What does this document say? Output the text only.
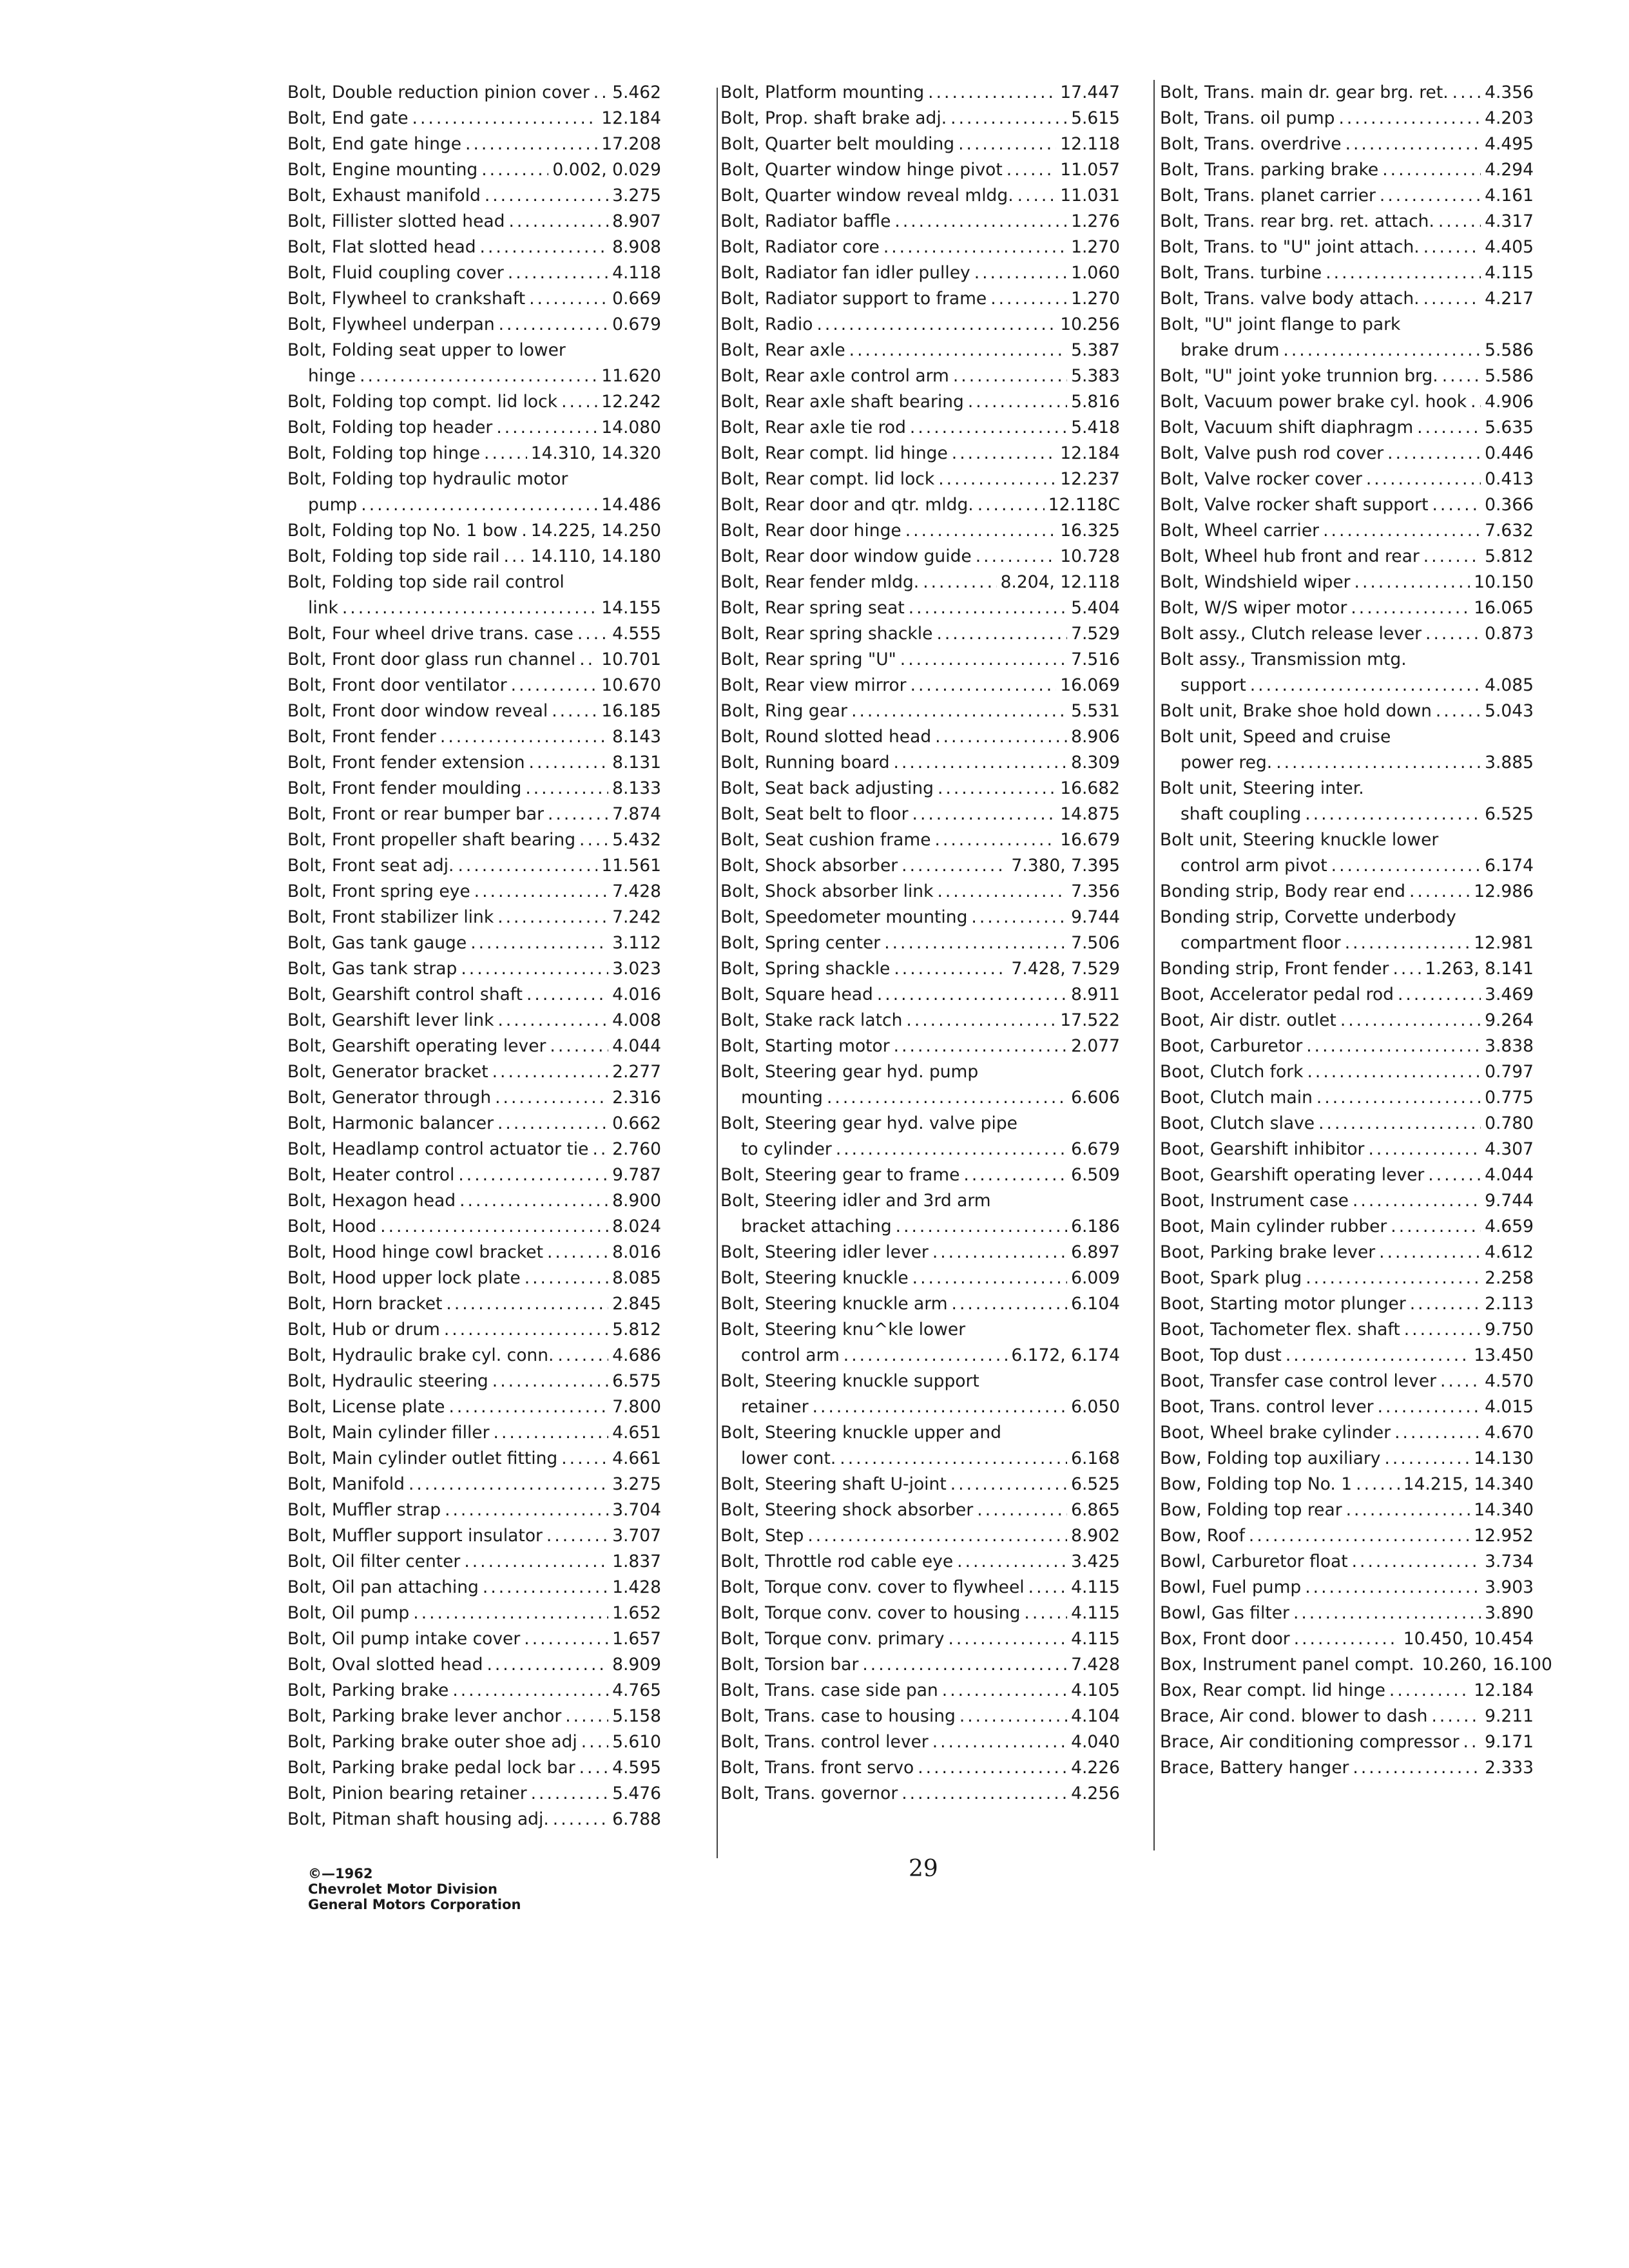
Bolt, Double reduction pinion cover ..... 5.462
Bolt, End gate .....	12.184
Bolt, End gate hinge .....	17.208
Bolt, Engine mounting .....	0.002, 0.029
Bolt, Exhaust manifold .....	3.275
Bolt, Fillister slotted head .....	8.907
Bolt, Flat slotted head .....	8.908
Bolt, Fluid coupling cover .....	4.118
Bolt, Flywheel to crankshaft .....	0.669
Bolt, Flywheel underpan .....	0.679
Bolt, Folding seat upper to lower
hinge .....	11.620
Bolt, Folding top compt. lid lock .....	12.242
Bolt, Folding top header .....	14.080
Bolt, Folding top hinge .....	14.310, 14.320
Bolt, Folding top hydraulic motor
pump .....	14.486
Bolt, Folding top No. 1 bow ..... 14.225, 14.250
Bolt, Folding top side rail ..... 14.110, 14.180
Bolt, Folding top side rail control
link .....	14.155
Bolt, Four wheel drive trans. case ..... 4.555
Bolt, Front door glass run channel ..... 10.701
Bolt, Front door ventilator .....	10.670
Bolt, Front door window reveal .....	16.185
Bolt, Front fender .....	8.143
Bolt, Front fender extension .....	8.131
Bolt, Front fender moulding .....	8.133
Bolt, Front or rear bumper bar .....	7.874
Bolt, Front propeller shaft bearing ..... 5.432
Bolt, Front seat adj. .....	11.561
Bolt, Front spring eye .....	7.428
Bolt, Front stabilizer link .....	7.242
Bolt, Gas tank gauge .....	3.112
Bolt, Gas tank strap .....	3.023
Bolt, Gearshift control shaft .....	4.016
Bolt, Gearshift lever link .....	4.008
Bolt, Gearshift operating lever .....	4.044
Bolt, Generator bracket .....	2.277
Bolt, Generator through .....	2.316
Bolt, Harmonic balancer .....	0.662
Bolt, Headlamp control actuator tie ..... 2.760
Bolt, Heater control .....	9.787
Bolt, Hexagon head .....	8.900
Bolt, Hood .....	8.024
Bolt, Hood hinge cowl bracket .....	8.016
Bolt, Hood upper lock plate .....	8.085
Bolt, Horn bracket .....	2.845
Bolt, Hub or drum .....	5.812
Bolt, Hydraulic brake cyl. conn. .....	4.686
Bolt, Hydraulic steering .....	6.575
Bolt, License plate .....	7.800
Bolt, Main cylinder filler .....	4.651
Bolt, Main cylinder outlet fitting .....	4.661
Bolt, Manifold .....	3.275
Bolt, Muffler strap .....	3.704
Bolt, Muffler support insulator .....	3.707
Bolt, Oil filter center .....	1.837
Bolt, Oil pan attaching .....	1.428
Bolt, Oil pump .....	1.652
Bolt, Oil pump intake cover .....	1.657
Bolt, Oval slotted head .....	8.909
Bolt, Parking brake .....	4.765
Bolt, Parking brake lever anchor .....	5.158
Bolt, Parking brake outer shoe adj ..... 5.610
Bolt, Parking brake pedal lock bar ..... 4.595
Bolt, Pinion bearing retainer .....	5.476
Bolt, Pitman shaft housing adj. .....	6.788
Bolt, Platform mounting .....	17.447
Bolt, Prop. shaft brake adj. .....	5.615
Bolt, Quarter belt moulding .....	12.118
Bolt, Quarter window hinge pivot .....	11.057
Bolt, Quarter window reveal mldg. .....	11.031
Bolt, Radiator baffle .....	1.276
Bolt, Radiator core .....	1.270
Bolt, Radiator fan idler pulley .....	1.060
Bolt, Radiator support to frame .....	1.270
Bolt, Radio .....	10.256
Bolt, Rear axle .....	5.387
Bolt, Rear axle control arm .....	5.383
Bolt, Rear axle shaft bearing .....	5.816
Bolt, Rear axle tie rod .....	5.418
Bolt, Rear compt. lid hinge .....	12.184
Bolt, Rear compt. lid lock .....	12.237
Bolt, Rear door and qtr. mldg. .....	12.118C
Bolt, Rear door hinge .....	16.325
Bolt, Rear door window guide .....	10.728
Bolt, Rear fender mldg. .....	8.204, 12.118
Bolt, Rear spring seat .....	5.404
Bolt, Rear spring shackle .....	7.529
Bolt, Rear spring "U" .....	7.516
Bolt, Rear view mirror .....	16.069
Bolt, Ring gear .....	5.531
Bolt, Round slotted head .....	8.906
Bolt, Running board .....	8.309
Bolt, Seat back adjusting .....	16.682
Bolt, Seat belt to floor .....	14.875
Bolt, Seat cushion frame .....	16.679
Bolt, Shock absorber .....	7.380, 7.395
Bolt, Shock absorber link .....	7.356
Bolt, Speedometer mounting .....	9.744
Bolt, Spring center .....	7.506
Bolt, Spring shackle .....	7.428, 7.529
Bolt, Square head .....	8.911
Bolt, Stake rack latch .....	17.522
Bolt, Starting motor .....	2.077
Bolt, Steering gear hyd. pump
mounting .....	6.606
Bolt, Steering gear hyd. valve pipe
to cylinder .....	6.679
Bolt, Steering gear to frame .....	6.509
Bolt, Steering idler and 3rd arm
bracket attaching .....	6.186
Bolt, Steering idler lever .....	6.897
Bolt, Steering knuckle .....	6.009
Bolt, Steering knuckle arm .....	6.104
Bolt, Steering knu^kle lower
control arm .....	6.172, 6.174
Bolt, Steering knuckle support
retainer .....	6.050
Bolt, Steering knuckle upper and
lower cont. .....	6.168
Bolt, Steering shaft U-joint .....	6.525
Bolt, Steering shock absorber .....	6.865
Bolt, Step .....	8.902
Bolt, Throttle rod cable eye .....	3.425
Bolt, Torque conv. cover to flywheel .....	4.115
Bolt, Torque conv. cover to housing .....	4.115
Bolt, Torque conv. primary .....	4.115
Bolt, Torsion bar .....	7.428
Bolt, Trans. case side pan .....	4.105
Bolt, Trans. case to housing .....	4.104
Bolt, Trans. control lever .....	4.040
Bolt, Trans. front servo .....	4.226
Bolt, Trans. governor .....	4.256
Bolt, Trans. main dr. gear brg. ret. ..... 4.356
Bolt, Trans. oil pump .....	4.203
Bolt, Trans. overdrive .....	4.495
Bolt, Trans. parking brake .....	4.294
Bolt, Trans. planet carrier .....	4.161
Bolt, Trans. rear brg. ret. attach. .....	4.317
Bolt, Trans. to "U" joint attach. .....	4.405
Bolt, Trans. turbine .....	4.115
Bolt, Trans. valve body attach. .....	4.217
Bolt, "U" joint flange to park
brake drum .....	5.586
Bolt, "U" joint yoke trunnion brg. .....	5.586
Bolt, Vacuum power brake cyl. hook ..... 4.906
Bolt, Vacuum shift diaphragm .....	5.635
Bolt, Valve push rod cover .....	0.446
Bolt, Valve rocker cover .....	0.413
Bolt, Valve rocker shaft support .....	0.366
Bolt, Wheel carrier .....	7.632
Bolt, Wheel hub front and rear .....	5.812
Bolt, Windshield wiper .....	10.150
Bolt, W/S wiper motor .....	16.065
Bolt assy., Clutch release lever .....	0.873
Bolt assy., Transmission mtg.
support .....	4.085
Bolt unit, Brake shoe hold down .....	5.043
Bolt unit, Speed and cruise
power reg. .....	3.885
Bolt unit, Steering inter.
shaft coupling .....	6.525
Bolt unit, Steering knuckle lower
control arm pivot .....	6.174
Bonding strip, Body rear end .....	12.986
Bonding strip, Corvette underbody
compartment floor .....	12.981
Bonding strip, Front fender ..... 1.263, 8.141
Boot, Accelerator pedal rod .....	3.469
Boot, Air distr. outlet .....	9.264
Boot, Carburetor .....	3.838
Boot, Clutch fork .....	0.797
Boot, Clutch main .....	0.775
Boot, Clutch slave .....	0.780
Boot, Gearshift inhibitor .....	4.307
Boot, Gearshift operating lever .....	4.044
Boot, Instrument case .....	9.744
Boot, Main cylinder rubber .....	4.659
Boot, Parking brake lever .....	4.612
Boot, Spark plug .....	2.258
Boot, Starting motor plunger .....	2.113
Boot, Tachometer flex. shaft .....	9.750
Boot, Top dust .....	13.450
Boot, Transfer case control lever .....	4.570
Boot, Trans. control lever .....	4.015
Boot, Wheel brake cylinder .....	4.670
Bow, Folding top auxiliary .....	14.130
Bow, Folding top No. 1 .....	14.215, 14.340
Bow, Folding top rear .....	14.340
Bow, Roof .....	12.952
Bowl, Carburetor float .....	3.734
Bowl, Fuel pump .....	3.903
Bowl, Gas filter .....	3.890
Box, Front door .....	10.450, 10.454
Box, Instrument panel compt. 10.260, 16.100
Box, Rear compt. lid hinge .....	12.184
Brace, Air cond. blower to dash .....	9.211
Brace, Air conditioning compressor ..... 9.171
Brace, Battery hanger .....	2.333
©—1962
Chevrolet Motor Division
General Motors Corporation
29
